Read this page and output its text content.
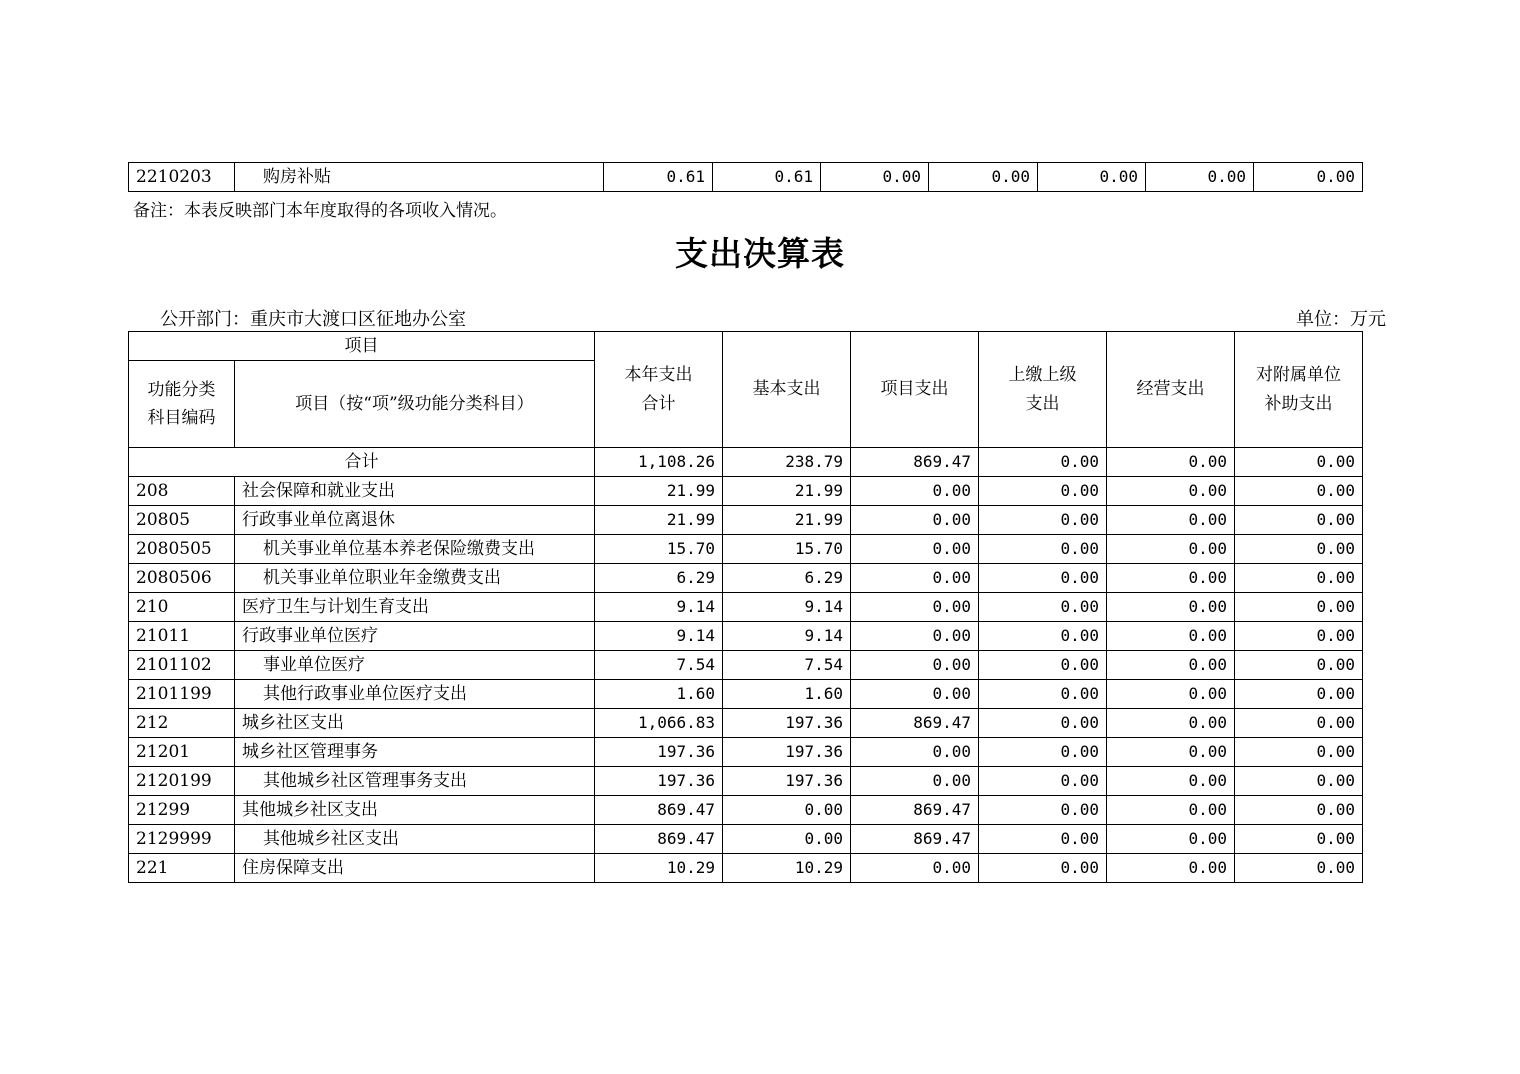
2210203	购房补贴	0.61	0.61	0.00	0.00	0.00	0.00	0.00
备注：本表反映部门本年度取得的各项收入情况。
支出决算表
公开部门：重庆市大渡口区征地办公室	单位：万元
项目		本年支出合计	基本支出	项目支出	上缴上级支出	经营支出	对附属单位补助支出

功能分类科目编码	项目（按“项”级功能分类科目）						
合计		1,108.26	238.79	869.47	0.00	0.00	0.00
208	社会保障和就业支出	21.99	21.99	0.00	0.00	0.00	0.00
20805	行政事业单位离退休	21.99	21.99	0.00	0.00	0.00	0.00
2080505	机关事业单位基本养老保险缴费支出	15.70	15.70	0.00	0.00	0.00	0.00
2080506	机关事业单位职业年金缴费支出	6.29	6.29	0.00	0.00	0.00	0.00
210	医疗卫生与计划生育支出	9.14	9.14	0.00	0.00	0.00	0.00
21011	行政事业单位医疗	9.14	9.14	0.00	0.00	0.00	0.00
2101102	事业单位医疗	7.54	7.54	0.00	0.00	0.00	0.00
2101199	其他行政事业单位医疗支出	1.60	1.60	0.00	0.00	0.00	0.00
212	城乡社区支出	1,066.83	197.36	869.47	0.00	0.00	0.00
21201	城乡社区管理事务	197.36	197.36	0.00	0.00	0.00	0.00
2120199	其他城乡社区管理事务支出	197.36	197.36	0.00	0.00	0.00	0.00
21299	其他城乡社区支出	869.47	0.00	869.47	0.00	0.00	0.00
2129999	其他城乡社区支出	869.47	0.00	869.47	0.00	0.00	0.00
221	住房保障支出	10.29	10.29	0.00	0.00	0.00	0.00
